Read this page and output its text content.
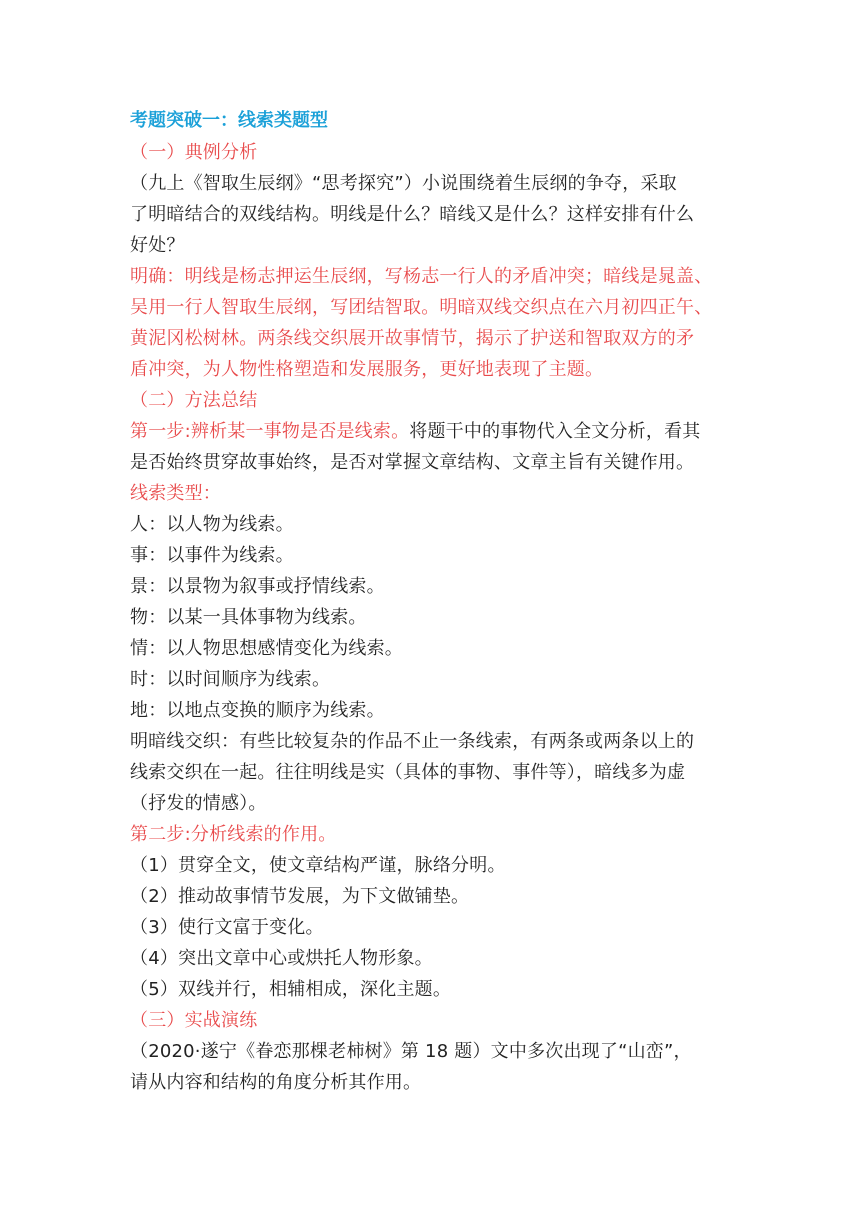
考题突破一：线索类题型
（一）典例分析
（九上《智取生辰纲》“思考探究”）小说围绕着生辰纲的争夺，采取
了明暗结合的双线结构。明线是什么？暗线又是什么？这样安排有什么
好处？
明确：明线是杨志押运生辰纲，写杨志一行人的矛盾冲突；暗线是晁盖、
吴用一行人智取生辰纲，写团结智取。明暗双线交织点在六月初四正午、
黄泥冈松树林。两条线交织展开故事情节，揭示了护送和智取双方的矛
盾冲突，为人物性格塑造和发展服务，更好地表现了主题。
（二）方法总结
第一步:辨析某一事物是否是线索。将题干中的事物代入全文分析，看其
是否始终贯穿故事始终，是否对掌握文章结构、文章主旨有关键作用。
线索类型：
人：以人物为线索。
事：以事件为线索。
景：以景物为叙事或抒情线索。
物：以某一具体事物为线索。
情：以人物思想感情变化为线索。
时：以时间顺序为线索。
地：以地点变换的顺序为线索。
明暗线交织：有些比较复杂的作品不止一条线索，有两条或两条以上的
线索交织在一起。往往明线是实（具体的事物、事件等），暗线多为虚
（抒发的情感）。
第二步:分析线索的作用。
（1）贯穿全文，使文章结构严谨，脉络分明。
（2）推动故事情节发展，为下文做铺垫。
（3）使行文富于变化。
（4）突出文章中心或烘托人物形象。
（5）双线并行，相辅相成，深化主题。
（三）实战演练
（2020·遂宁《眷恋那棵老柿树》第 18 题）文中多次出现了“山峦”，
请从内容和结构的角度分析其作用。
